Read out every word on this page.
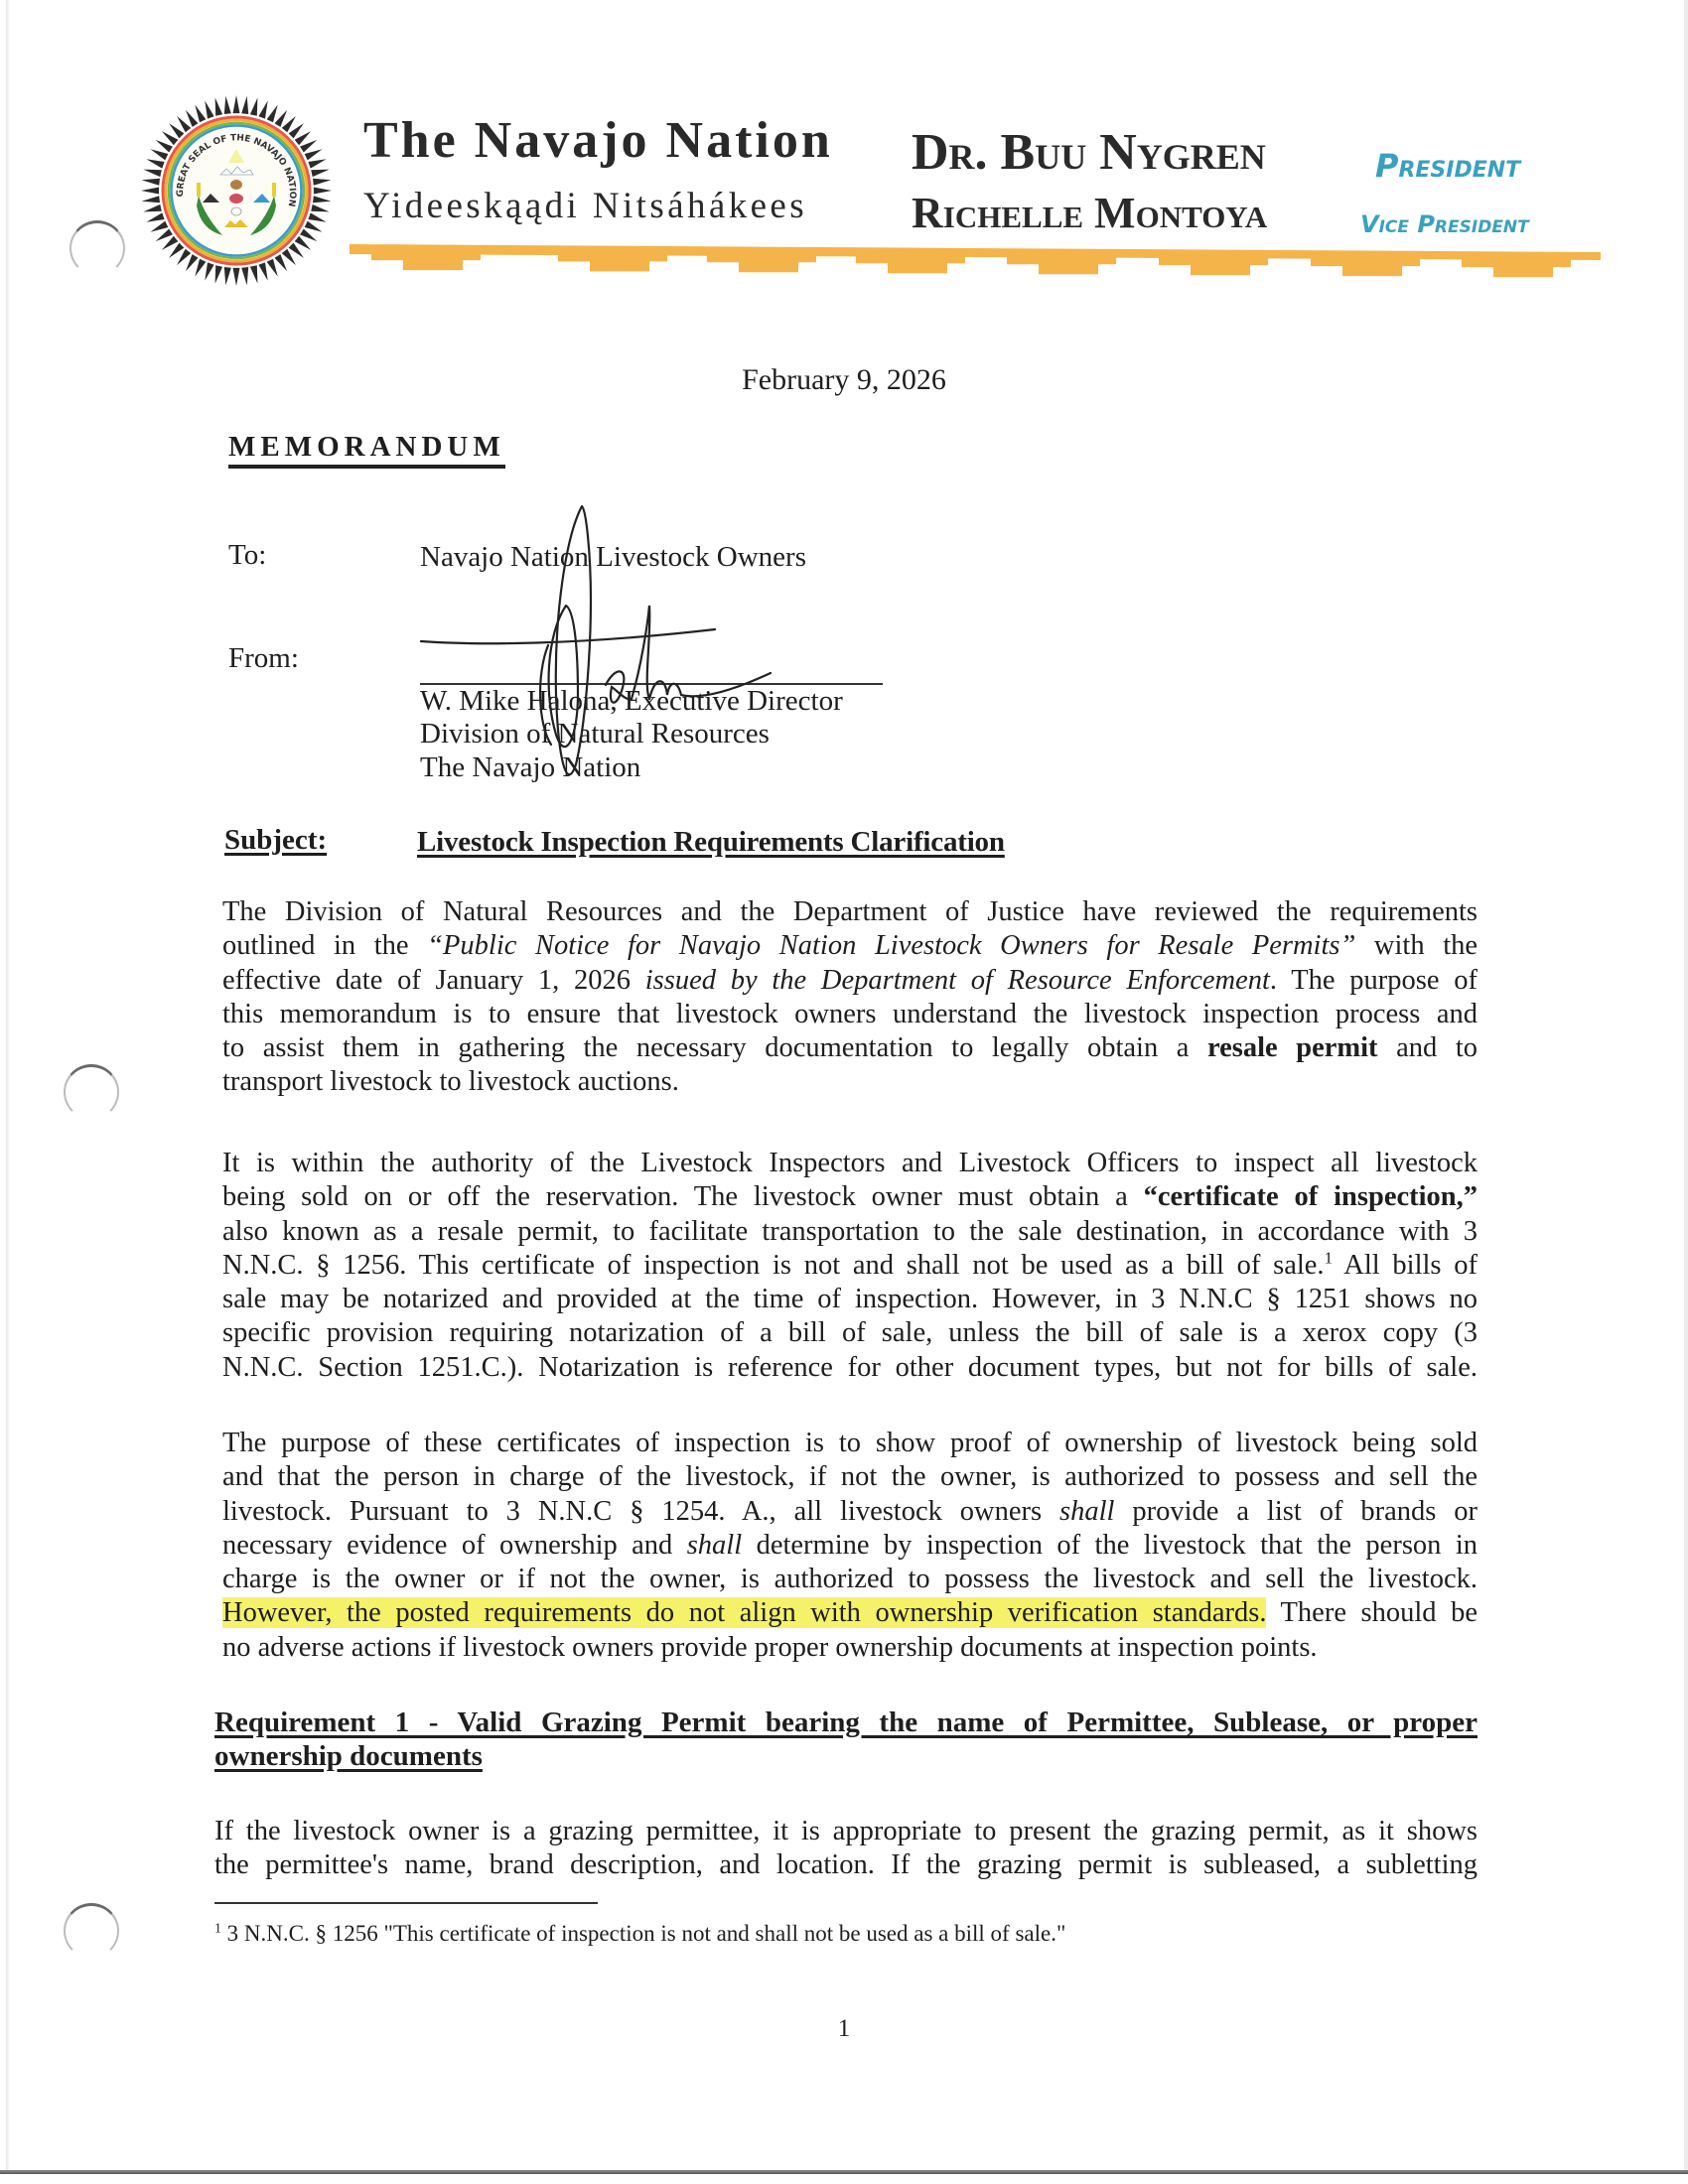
GREAT SEAL OF THE NAVAJO NATION
The Navajo Nation
Yideeskąądi Nitsáhákees
Dr. Buu Nygren	President
Richelle Montoya	Vice President
February 9, 2026
MEMORANDUM
To:	Navajo Nation Livestock Owners
From:
W. Mike Halona, Executive Director
Division of Natural Resources
The Navajo Nation
Subject:	Livestock Inspection Requirements Clarification
The Division of Natural Resources and the Department of Justice have reviewed the requirements
outlined in the “Public Notice for Navajo Nation Livestock Owners for Resale Permits” with the
effective date of January 1, 2026 issued by the Department of Resource Enforcement. The purpose of
this memorandum is to ensure that livestock owners understand the livestock inspection process and
to assist them in gathering the necessary documentation to legally obtain a resale permit and to
transport livestock to livestock auctions.
It is within the authority of the Livestock Inspectors and Livestock Officers to inspect all livestock
being sold on or off the reservation. The livestock owner must obtain a “certificate of inspection,”
also known as a resale permit, to facilitate transportation to the sale destination, in accordance with 3
N.N.C. § 1256. This certificate of inspection is not and shall not be used as a bill of sale.$^1$ All bills of
sale may be notarized and provided at the time of inspection. However, in 3 N.N.C § 1251 shows no
specific provision requiring notarization of a bill of sale, unless the bill of sale is a xerox copy (3
N.N.C. Section 1251.C.). Notarization is reference for other document types, but not for bills of sale.
The purpose of these certificates of inspection is to show proof of ownership of livestock being sold
and that the person in charge of the livestock, if not the owner, is authorized to possess and sell the
livestock. Pursuant to 3 N.N.C § 1254. A., all livestock owners shall provide a list of brands or
necessary evidence of ownership and shall determine by inspection of the livestock that the person in
charge is the owner or if not the owner, is authorized to possess the livestock and sell the livestock.
However, the posted requirements do not align with ownership verification standards. There should be
no adverse actions if livestock owners provide proper ownership documents at inspection points.
Requirement 1 - Valid Grazing Permit bearing the name of Permittee, Sublease, or proper
ownership documents
If the livestock owner is a grazing permittee, it is appropriate to present the grazing permit, as it shows
the permittee's name, brand description, and location. If the grazing permit is subleased, a subletting
$^1$ 3 N.N.C. § 1256 "This certificate of inspection is not and shall not be used as a bill of sale."
1
